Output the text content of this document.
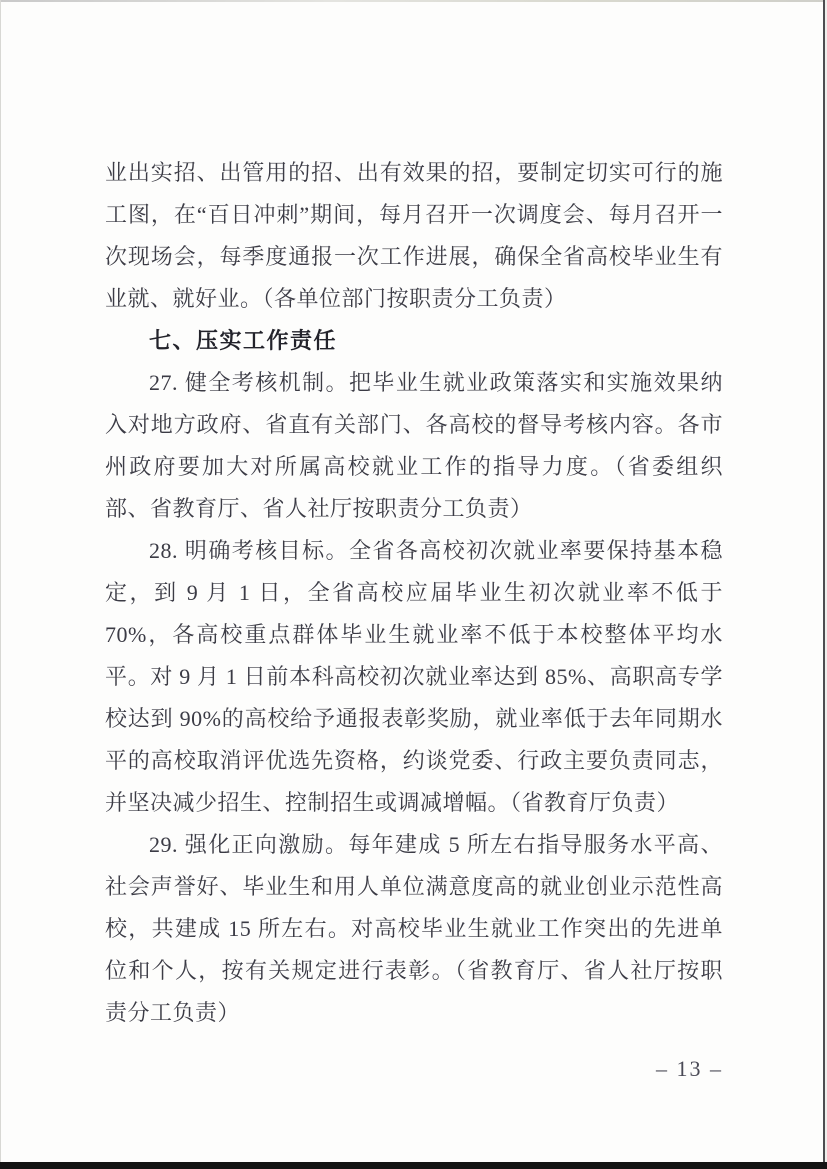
业出实招、出管用的招、出有效果的招，要制定切实可行的施工图，在“百日冲刺”期间，每月召开一次调度会、每月召开一次现场会，每季度通报一次工作进展，确保全省高校毕业生有业就、就好业。（各单位部门按职责分工负责）

七、压实工作责任

27. 健全考核机制。把毕业生就业政策落实和实施效果纳入对地方政府、省直有关部门、各高校的督导考核内容。各市州政府要加大对所属高校就业工作的指导力度。（省委组织部、省教育厅、省人社厅按职责分工负责）

28. 明确考核目标。全省各高校初次就业率要保持基本稳定，到 9 月 1 日，全省高校应届毕业生初次就业率不低于 70%，各高校重点群体毕业生就业率不低于本校整体平均水平。对 9 月 1 日前本科高校初次就业率达到 85%、高职高专学校达到 90%的高校给予通报表彰奖励，就业率低于去年同期水平的高校取消评优选先资格，约谈党委、行政主要负责同志，并坚决减少招生、控制招生或调减增幅。（省教育厅负责）

29. 强化正向激励。每年建成 5 所左右指导服务水平高、社会声誉好、毕业生和用人单位满意度高的就业创业示范性高校，共建成 15 所左右。对高校毕业生就业工作突出的先进单位和个人，按有关规定进行表彰。（省教育厅、省人社厅按职责分工负责）

– 13 –
